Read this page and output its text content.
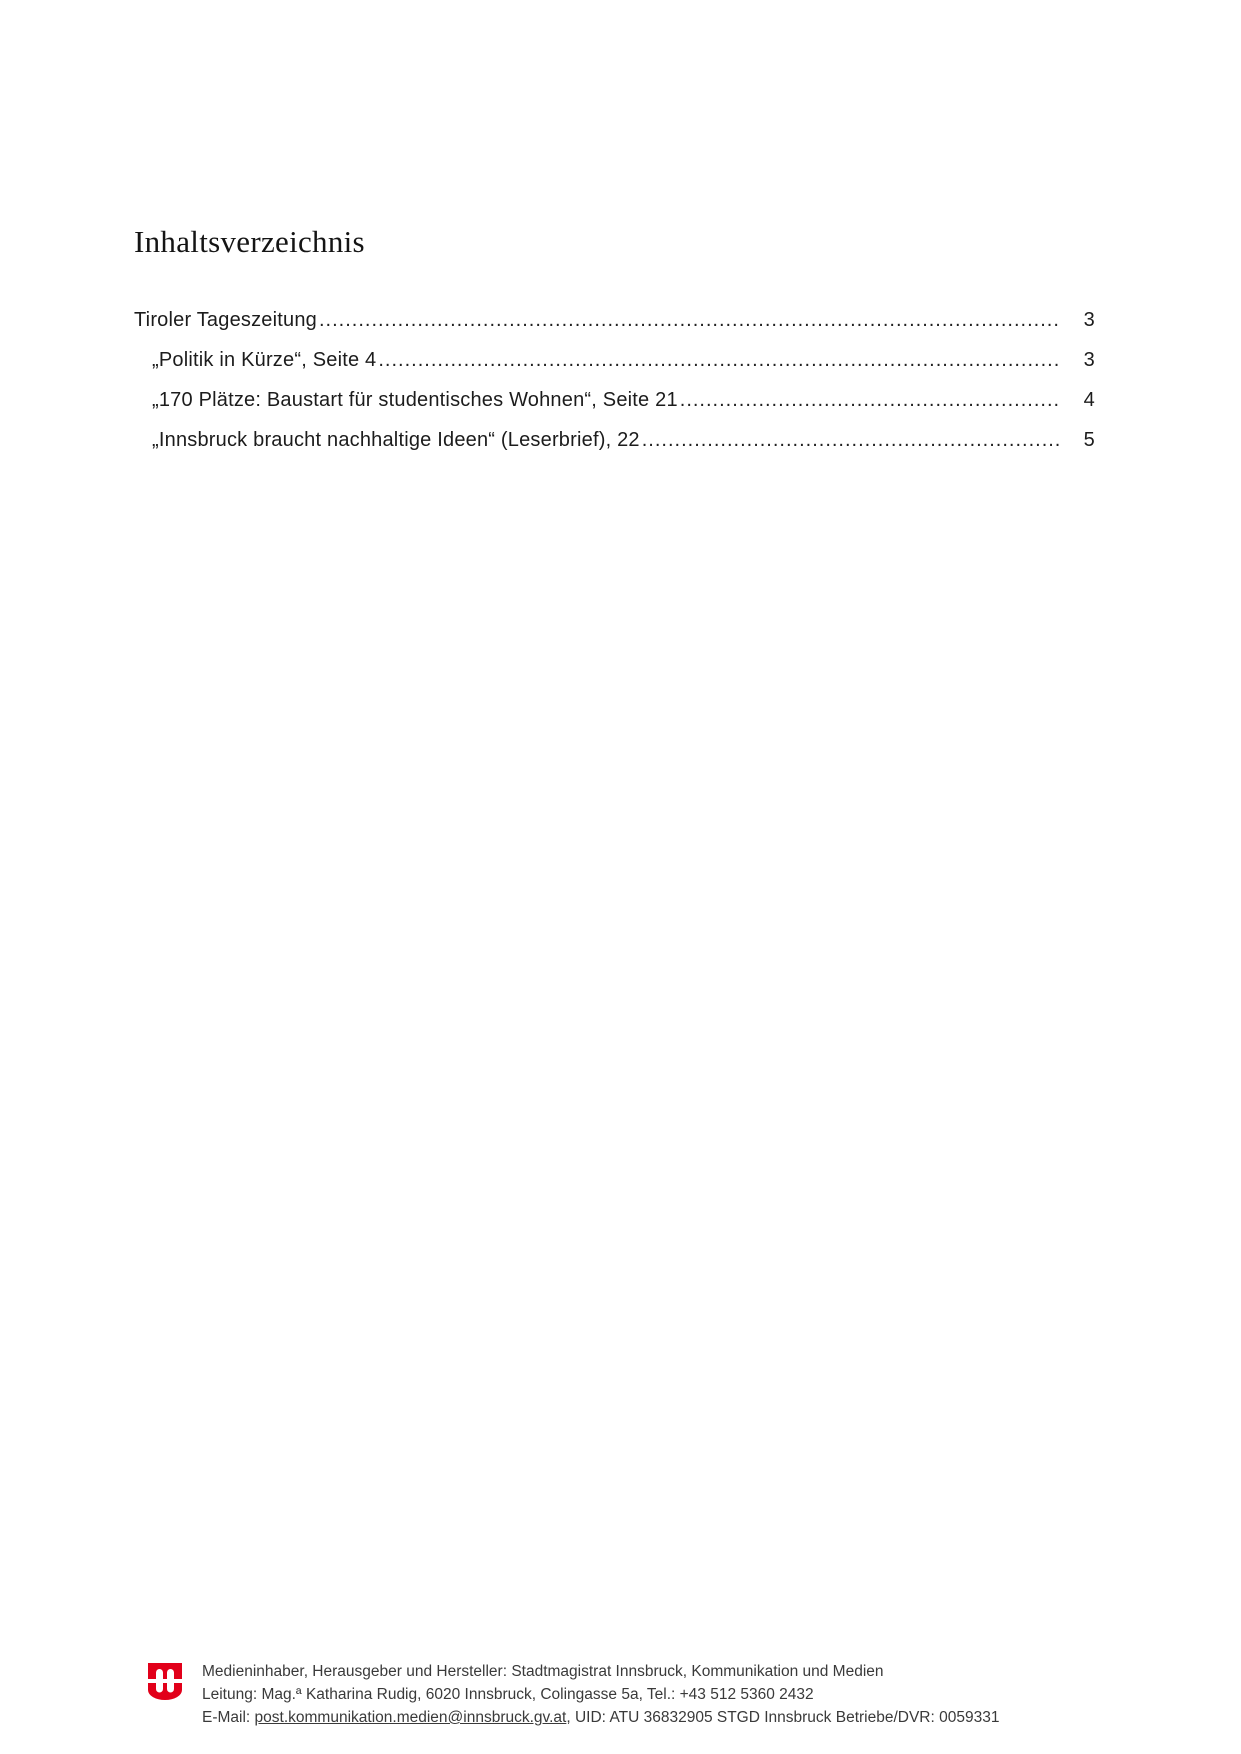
Inhaltsverzeichnis
Tiroler Tageszeitung .....	3
„Politik in Kürze“, Seite 4 .....	3
„170 Plätze: Baustart für studentisches Wohnen“, Seite 21 .....	4
„Innsbruck braucht nachhaltige Ideen“ (Leserbrief), 22 .....	5
Medieninhaber, Herausgeber und Hersteller: Stadtmagistrat Innsbruck, Kommunikation und Medien
Leitung: Mag.ª Katharina Rudig, 6020 Innsbruck, Colingasse 5a, Tel.: +43 512 5360 2432
E-Mail: post.kommunikation.medien@innsbruck.gv.at, UID: ATU 36832905 STGD Innsbruck Betriebe/DVR: 0059331
